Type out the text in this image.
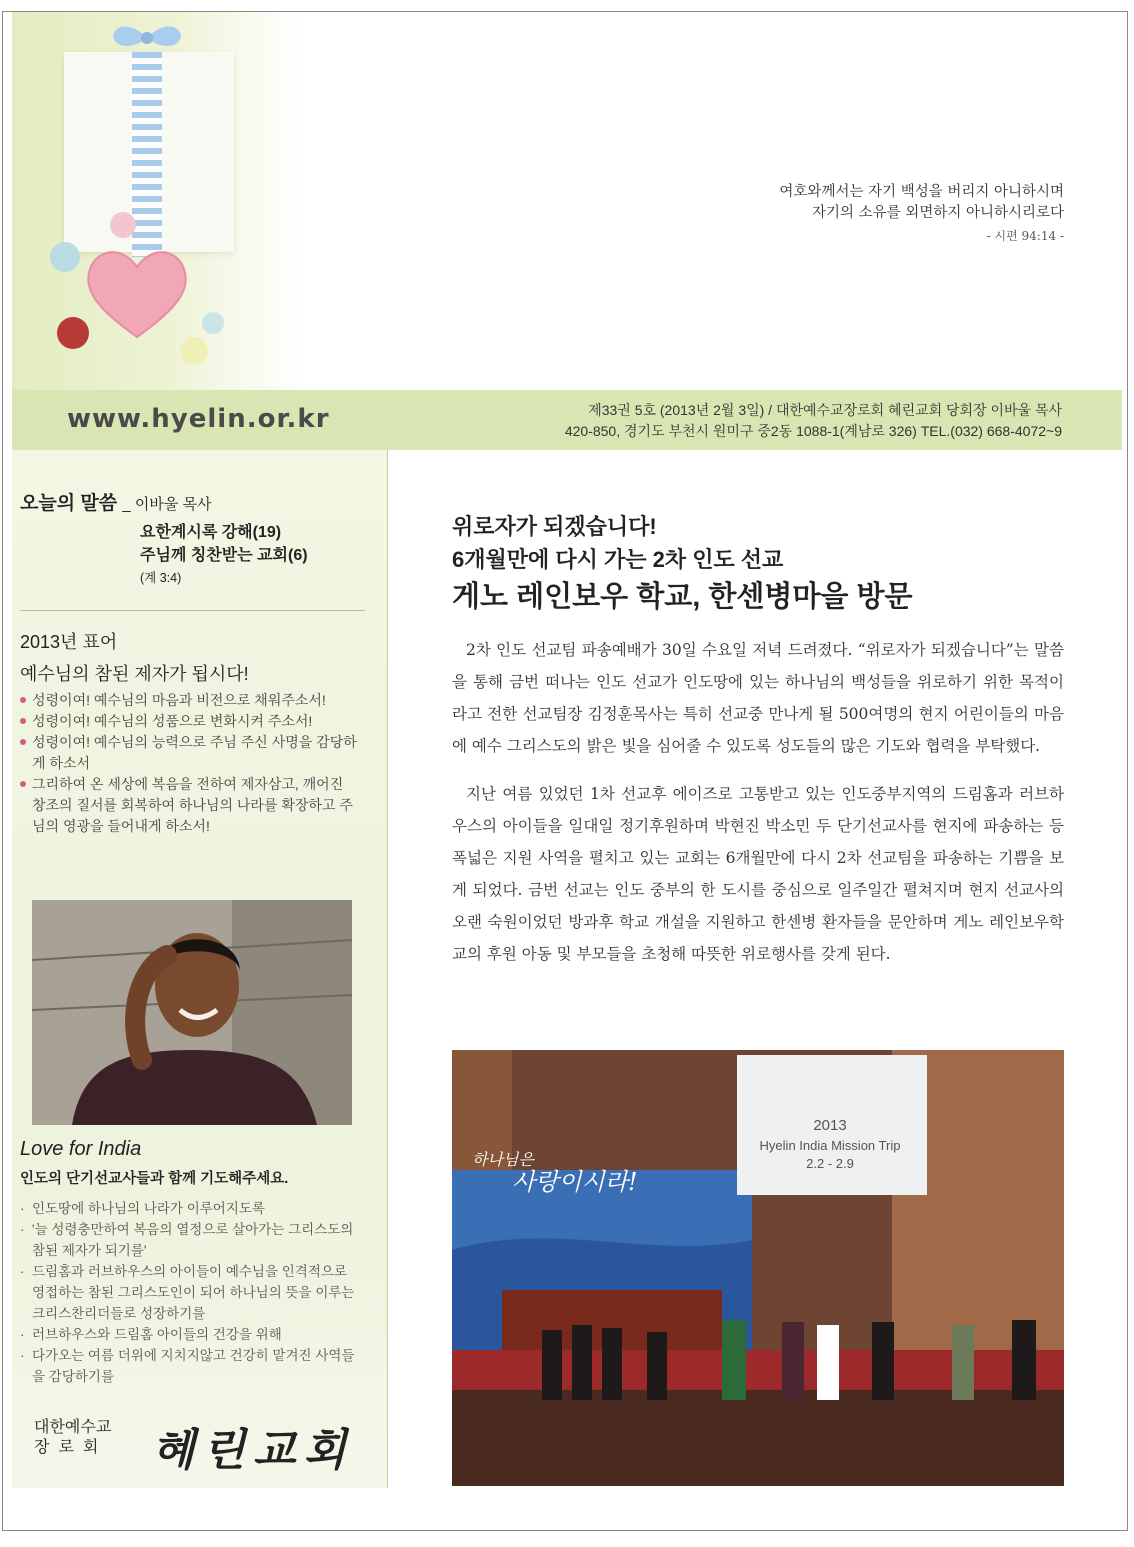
여호와께서는 자기 백성을 버리지 아니하시며
자기의 소유를 외면하지 아니하시리로다
- 시편 94:14 -
www.hyelin.or.kr	제33권 5호 (2013년 2월 3일) / 대한예수교장로회 혜린교회 당회장 이바울 목사
420-850, 경기도 부천시 원미구 중2동 1088-1(계남로 326) TEL.(032) 668-4072~9
오늘의 말씀 _ 이바울 목사
요한계시록 강해(19)
주님께 칭찬받는 교회(6)
(계 3:4)
2013년 표어
예수님의 참된 제자가 됩시다!
성령이여! 예수님의 마음과 비전으로 채워주소서!
성령이여! 예수님의 성품으로 변화시켜 주소서!
성령이여! 예수님의 능력으로 주님 주신 사명을 감당하게 하소서
그리하여 온 세상에 복음을 전하여 제자삼고, 깨어진 창조의 질서를 회복하여 하나님의 나라를 확장하고 주님의 영광을 들어내게 하소서!
Love for India
인도의 단기선교사들과 함께 기도해주세요.
· 인도땅에 하나님의 나라가 이루어지도록
· '늘 성령충만하여 복음의 열정으로 살아가는 그리스도의 참된 제자가 되기를'
· 드림홈과 러브하우스의 아이들이 예수님을 인격적으로 영접하는 참된 그리스도인이 되어 하나님의 뜻을 이루는 크리스찬리더들로 성장하기를
· 러브하우스와 드림홈 아이들의 건강을 위해
· 다가오는 여름 더위에 지치지않고 건강히 맡겨진 사역들을 감당하기를
대한예수교
장로회 혜린교회
위로자가 되겠습니다!
6개월만에 다시 가는 2차 인도 선교
게노 레인보우 학교, 한센병마을 방문

2차 인도 선교팀 파송예배가 30일 수요일 저녁 드려졌다. “위로자가 되겠습니다”는 말씀을 통해 금번 떠나는 인도 선교가 인도땅에 있는 하나님의 백성들을 위로하기 위한 목적이라고 전한 선교팀장 김정훈목사는 특히 선교중 만나게 될 500여명의 현지 어린이들의 마음에 예수 그리스도의 밝은 빛을 심어줄 수 있도록 성도들의 많은 기도와 협력을 부탁했다.

지난 여름 있었던 1차 선교후 에이즈로 고통받고 있는 인도중부지역의 드림홈과 러브하우스의 아이들을 일대일 정기후원하며 박현진 박소민 두 단기선교사를 현지에 파송하는 등 폭넓은 지원 사역을 펼치고 있는 교회는 6개월만에 다시 2차 선교팀을 파송하는 기쁨을 보게 되었다. 금번 선교는 인도 중부의 한 도시를 중심으로 일주일간 펼쳐지며 현지 선교사의 오랜 숙원이었던 방과후 학교 개설을 지원하고 한센병 환자들을 문안하며 게노 레인보우학교의 후원 아동 및 부모들을 초청해 따뜻한 위로행사를 갖게 된다.

2013
Hyelin India Mission Trip
2.2 - 2.9
하나님은
사랑이시라!
